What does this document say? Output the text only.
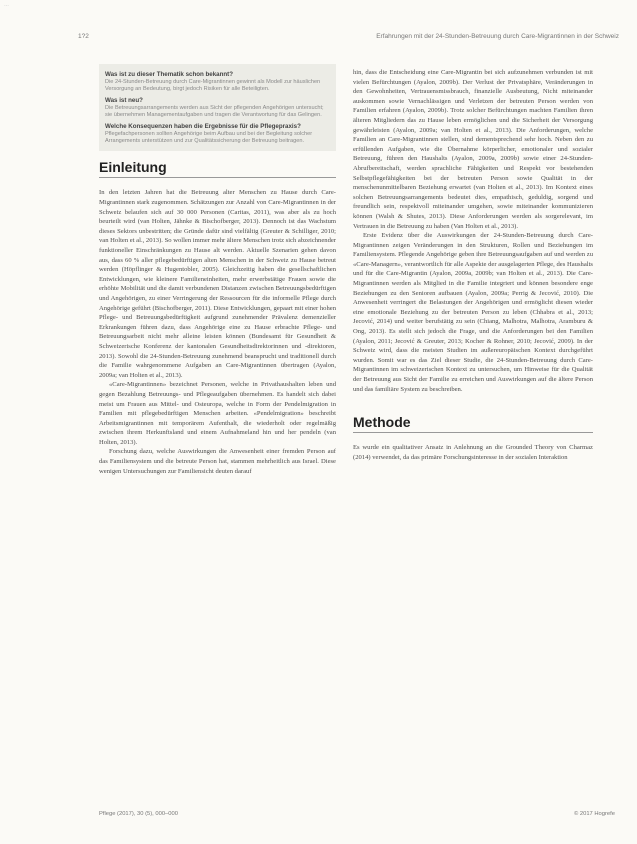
…
1?2	Erfahrungen mit der 24-Stunden-Betreuung durch Care-Migrantinnen in der Schweiz
Was ist zu dieser Thematik schon bekannt?
Die 24-Stunden-Betreuung durch Care-Migrantinnen gewinnt als Modell zur häuslichen Versorgung an Bedeutung, birgt jedoch Risiken für alle Beteiligten.
Was ist neu?
Die Betreuungsarrangements werden aus Sicht der pflegenden Angehörigen untersucht; sie übernehmen Managementaufgaben und tragen die Verantwortung für das Gelingen.
Welche Konsequenzen haben die Ergebnisse für die Pflegepraxis?
Pflegefachpersonen sollten Angehörige beim Aufbau und bei der Begleitung solcher Arrangements unterstützen und zur Qualitätssicherung der Betreuung beitragen.
Einleitung

In den letzten Jahren hat die Betreuung alter Menschen zu Hause durch Care-Migrantinnen stark zugenommen. Schätzungen zur Anzahl von Care-Migrantinnen in der Schweiz belaufen sich auf 30 000 Personen (Caritas, 2011), was aber als zu hoch beurteilt wird (van Holten, Jähnke & Bischofberger, 2013). Dennoch ist das Wachstum dieses Sektors unbestritten; die Gründe dafür sind vielfältig (Greuter & Schilliger, 2010; van Holten et al., 2013). So wollen immer mehr ältere Menschen trotz sich abzeichnender funktioneller Einschränkungen zu Hause alt werden. Aktuelle Szenarien gehen davon aus, dass 60 % aller pflegebedürftigen alten Menschen in der Schweiz zu Hause betreut werden (Höpflinger & Hugentobler, 2005). Gleichzeitig haben die gesellschaftlichen Entwicklungen, wie kleinere Familieneinheiten, mehr erwerbstätige Frauen sowie die erhöhte Mobilität und die damit verbundenen Distanzen zwischen Betreuungsbedürftigen und Angehörigen, zu einer Verringerung der Ressourcen für die informelle Pflege durch Angehörige geführt (Bischofberger, 2011). Diese Entwicklungen, gepaart mit einer hohen Pflege- und Betreuungsbedürftigkeit aufgrund zunehmender Prävalenz demenzieller Erkrankungen führen dazu, dass Angehörige eine zu Hause erbrachte Pflege- und Betreuungsarbeit nicht mehr alleine leisten können (Bundesamt für Gesundheit & Schweizerische Konferenz der kantonalen Gesundheitsdirektorinnen und -direktoren, 2013). Sowohl die 24-Stunden-Betreuung zunehmend beansprucht und traditionell durch die Familie wahrgenommene Aufgaben an Care-Migrantinnen übertragen (Ayalon, 2009a; van Holten et al., 2013).

«Care-Migrantinnen» bezeichnet Personen, welche in Privathaushalten leben und gegen Bezahlung Betreuungs- und Pflegeaufgaben übernehmen. Es handelt sich dabei meist um Frauen aus Mittel- und Osteuropa, welche in Form der Pendelmigration in Familien mit pflegebedürftigen Menschen arbeiten. «Pendelmigration» beschreibt Arbeitsmigrantinnen mit temporärem Aufenthalt, die wiederholt oder regelmäßig zwischen ihrem Herkunftsland und einem Aufnahmeland hin und her pendeln (van Holten, 2013).

Forschung dazu, welche Auswirkungen die Anwesenheit einer fremden Person auf das Familiensystem und die betreute Person hat, stammen mehrheitlich aus Israel. Diese wenigen Untersuchungen zur Familiensicht deuten darauf

hin, dass die Entscheidung eine Care-Migrantin bei sich aufzunehmen verbunden ist mit vielen Befürchtungen (Ayalon, 2009b). Der Verlust der Privatsphäre, Veränderungen in den Gewohnheiten, Vertrauensmissbrauch, finanzielle Ausbeutung, Nicht miteinander auskommen sowie Vernachlässigen und Verletzen der betreuten Person werden von Familien erfahren (Ayalon, 2009b). Trotz solcher Befürchtungen machten Familien ihren älteren Mitgliedern das zu Hause leben ermöglichen und die Sicherheit der Versorgung gewährleisten (Ayalon, 2009a; van Holten et al., 2013). Die Anforderungen, welche Familien an Care-Migrantinnen stellen, sind dementsprechend sehr hoch. Neben den zu erfüllenden Aufgaben, wie die Übernahme körperlicher, emotionaler und sozialer Betreuung, führen den Haushalts (Ayalon, 2009a, 2009b) sowie einer 24-Stunden-Abrufbereitschaft, werden sprachliche Fähigkeiten und Respekt vor bestehenden Selbstpflegefähigkeiten bei der betreuten Person sowie Qualität in der menschenunmittelbaren Beziehung erwartet (van Holten et al., 2013). Im Kontext eines solchen Betreuungsarrangements bedeutet dies, empathisch, geduldig, sorgend und freundlich sein, respektvoll miteinander umgehen, sowie miteinander kommunizieren können (Walsh & Shutes, 2013). Diese Anforderungen werden als sorgerelevant, im Vertrauen in die Betreuung zu haben (Van Holten et al., 2013).

Erste Evidenz über die Auswirkungen der 24-Stunden-Betreuung durch Care-Migrantinnen zeigen Veränderungen in den Strukturen, Rollen und Beziehungen im Familiensystem. Pflegende Angehörige geben ihre Betreuungsaufgaben auf und werden zu «Care-Managern», verantwortlich für alle Aspekte der ausgelagerten Pflege, des Haushalts und für die Care-Migrantin (Ayalon, 2009a, 2009b; van Holten et al., 2013). Die Care-Migrantinnen werden als Mitglied in die Familie integriert und können besondere enge Beziehungen zu den Senioren aufbauen (Ayalon, 2009a; Perrig & Jecović, 2010). Die Anwesenheit verringert die Belastungen der Angehörigen und ermöglicht diesen wieder eine emotionale Beziehung zu der betreuten Person zu leben (Chhabra et al., 2013; Jecović, 2014) und weiter berufstätig zu sein (Chiang, Malhotra, Malhotra, Aramburu & Ong, 2013). Es stellt sich jedoch die Frage, und die Anforderungen bei den Familien (Ayalon, 2011; Jecović & Greuter, 2013; Kocher & Rohner, 2010; Jecović, 2009). In der Schweiz wird, dass die meisten Studien im außereuropäischen Kontext durchgeführt wurden. Somit war es das Ziel dieser Studie, die 24-Stunden-Betreuung durch Care-Migrantinnen im schweizerischen Kontext zu untersuchen, um Hinweise für die Qualität der Betreuung aus Sicht der Familie zu erreichen und Auswirkungen auf die ältere Person und das familiäre System zu beschreiben.

Methode

Es wurde ein qualitativer Ansatz in Anlehnung an die Grounded Theory von Charmaz (2014) verwendet, da das primäre Forschungsinteresse in der sozialen Interaktion

Pflege (2017), 30 (5), 000–000	© 2017 Hogrefe
